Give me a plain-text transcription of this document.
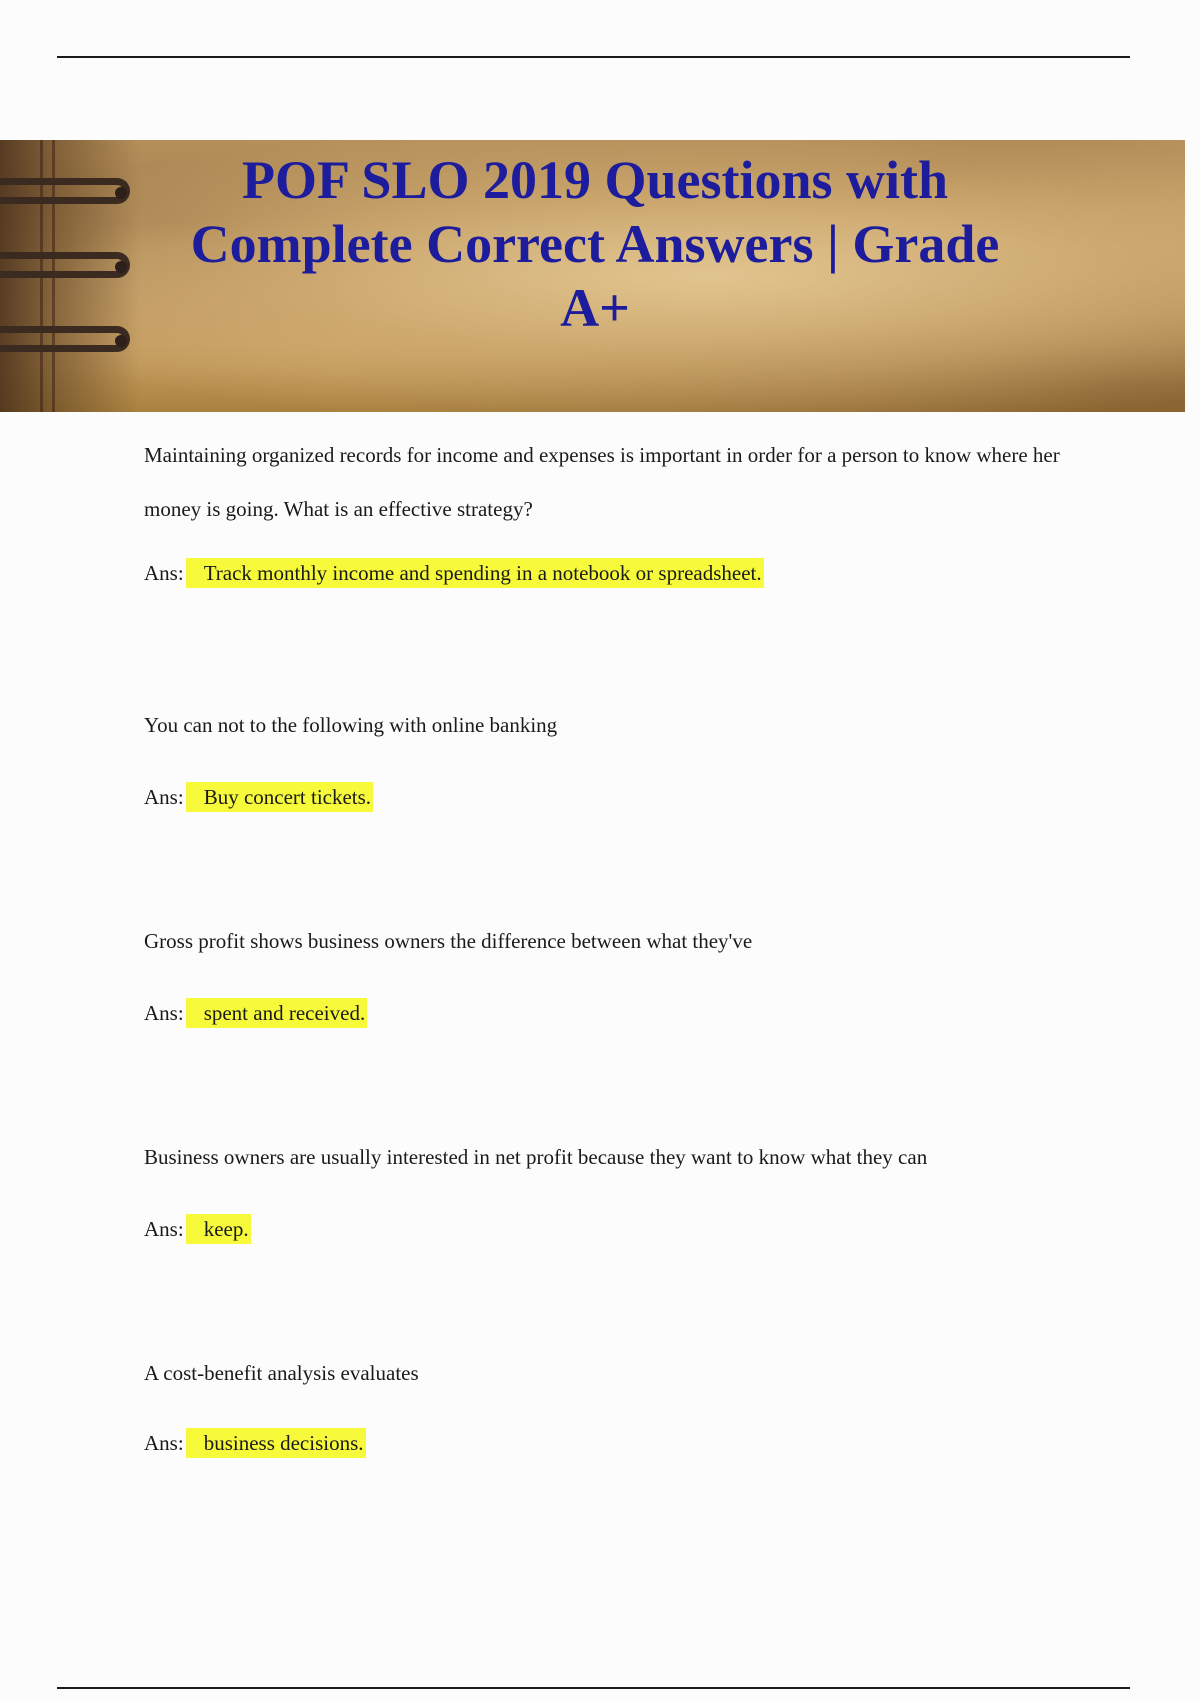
POF SLO 2019 Questions with Complete Correct Answers | Grade A+

Maintaining organized records for income and expenses is important in order for a person to know where her money is going. What is an effective strategy?

Ans: Track monthly income and spending in a notebook or spreadsheet.

You can not to the following with online banking

Ans: Buy concert tickets.

Gross profit shows business owners the difference between what they've

Ans: spent and received.

Business owners are usually interested in net profit because they want to know what they can

Ans: keep.

A cost-benefit analysis evaluates

Ans: business decisions.
